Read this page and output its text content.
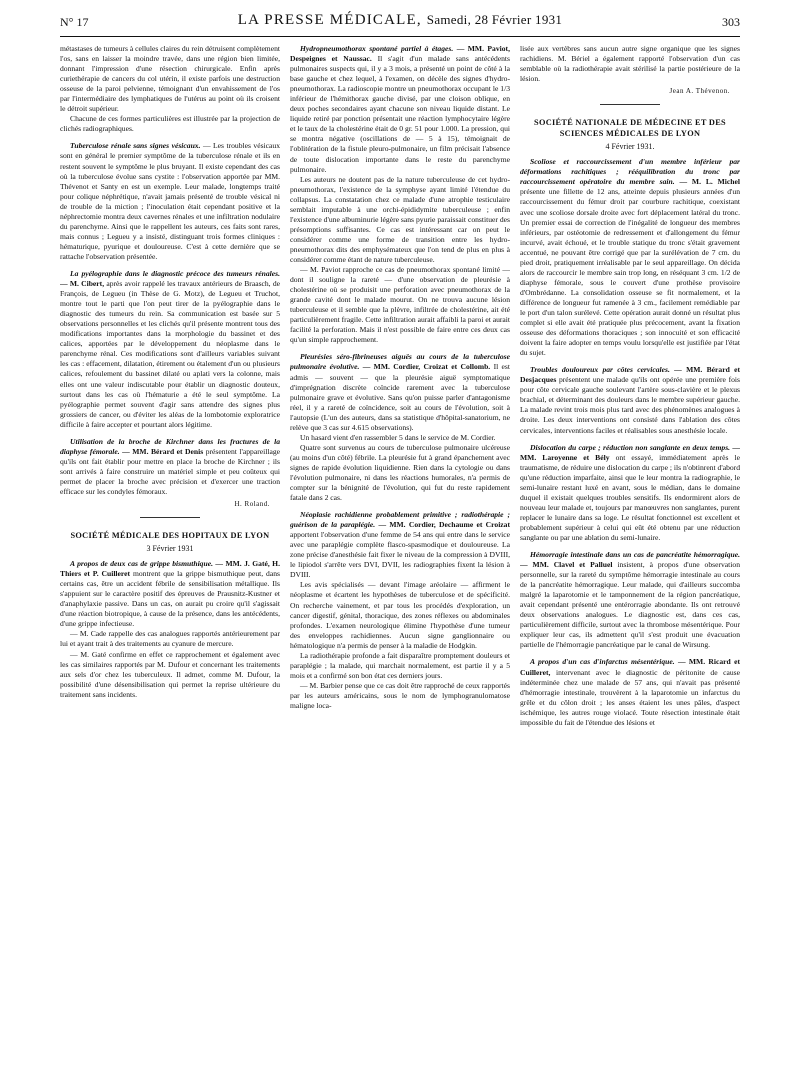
N° 17	LA PRESSE MÉDICALE, Samedi, 28 Février 1931	303

métastases de tumeurs à cellules claires du rein détruisent complètement l'os, sans en laisser la moindre travée, dans une région bien limitée, donnant l'impression d'une résection chirurgicale. Enfin après curiethérapie de cancers du col utérin, il existe parfois une destruction osseuse de la paroi pelvienne, témoignant d'un envahissement de l'os par l'intermédiaire des lymphatiques de l'utérus au point où ils croisent le détroit supérieur.

Chacune de ces formes particulières est illustrée par la projection de clichés radiographiques.

Tuberculose rénale sans signes vésicaux. — Les troubles vésicaux sont en général le premier symptôme de la tuberculose rénale et ils en restent souvent le symptôme le plus bruyant. Il existe cependant des cas où la tuberculose évolue sans cystite : l'observation apportée par MM. Thévenot et Santy en est un exemple. Leur malade, longtemps traité pour colique néphrétique, n'avait jamais présenté de trouble vésical ni de trouble de la miction ; l'inoculation était cependant positive et la néphrectomie montra deux cavernes rénales et une infiltration nodulaire du parenchyme. Ainsi que le rappellent les auteurs, ces faits sont rares, mais connus ; Legueu y a insisté, distinguant trois formes cliniques : hématurique, pyurique et douloureuse. C'est à cette dernière que se rattache l'observation présentée.

La pyélographie dans le diagnostic précoce des tumeurs rénales. — M. Cibert, après avoir rappelé les travaux antérieurs de Braasch, de François, de Legueu (in Thèse de G. Motz), de Legueu et Truchot, montre tout le parti que l'on peut tirer de la pyélographie dans le diagnostic des tumeurs du rein. Sa communication est basée sur 5 observations personnelles et les clichés qu'il présente montrent tous des modifications importantes dans la morphologie du bassinet et des calices, apportées par le développement du néoplasme dans le parenchyme rénal. Ces modifications sont d'ailleurs variables suivant les cas : effacement, dilatation, étirement ou étalement d'un ou plusieurs calices, refoulement du bassinet dilaté ou aplati vers la colonne, mais elles ont une valeur indiscutable pour établir un diagnostic douteux, surtout dans les cas où l'hématurie a été le seul symptôme. La pyélographie permet souvent d'agir sans attendre des signes plus grossiers de cancer, ou d'éviter les aléas de la lombotomie exploratrice difficile à faire accepter et pourtant alors légitime.

Utilisation de la broche de Kirchner dans les fractures de la diaphyse fémorale. — MM. Bérard et Denis présentent l'appareillage qu'ils ont fait établir pour mettre en place la broche de Kirchner ; ils sont arrivés à faire construire un matériel simple et peu coûteux qui permet de placer la broche avec précision et d'exercer une traction efficace sur les condyles fémoraux.

H. Roland.
SOCIÉTÉ MÉDICALE DES HOPITAUX DE LYON
3 Février 1931

A propos de deux cas de grippe bismuthique. — MM. J. Gaté, H. Thiers et P. Cuilleret montrent que la grippe bismuthique peut, dans certains cas, être un accident fébrile de sensibilisation métallique. Ils s'appuient sur le caractère positif des épreuves de Prausnitz-Kustner et d'anaphylaxie passive. Dans un cas, on aurait pu croire qu'il s'agissait d'une réaction biotropique, à cause de la présence, dans les antécédents, d'une grippe infectieuse.

— M. Cade rappelle des cas analogues rapportés antérieurement par lui et ayant trait à des traitements au cyanure de mercure.

— M. Gaté confirme en effet ce rapprochement et également avec les cas similaires rapportés par M. Dufour et concernant les traitements aux sels d'or chez les tuberculeux. Il admet, comme M. Dufour, la possibilité d'une désensibilisation qui permet la reprise ultérieure du traitement sans incidents.

Hydropneumothorax spontané partiel à étages. — MM. Paviot, Despeignes et Naussac. Il s'agit d'un malade sans antécédents pulmonaires suspects qui, il y a 3 mois, a présenté un point de côté à la base gauche et chez lequel, à l'examen, on décèle des signes d'hydro-pneumothorax. La radioscopie montre un pneumothorax occupant le 1/3 inférieur de l'hémithorax gauche divisé, par une cloison oblique, en deux poches secondaires ayant chacune son niveau liquide distant. Le liquide retiré par ponction présentait une réaction lymphocytaire légère et le taux de la cholestérine était de 0 gr. 51 pour 1.000. La pression, qui se montra négative (oscillations de — 5 à 15), témoignait de l'oblitération de la fistule pleuro-pulmonaire, un film précisait l'absence de toute dislocation importante dans le reste du parenchyme pulmonaire.

Les auteurs ne doutent pas de la nature tuberculeuse de cet hydro-pneumothorax, l'existence de la symphyse ayant limité l'étendue du collapsus. La constatation chez ce malade d'une atrophie testiculaire semblait imputable à une orchi-épididymite tuberculeuse ; enfin l'existence d'une albuminurie légère sans pyurie paraissait constituer des présomptions suffisantes. Ce cas est intéressant car on peut le considérer comme une forme de transition entre les hydro-pneumothorax dits des emphysémateux que l'on tend de plus en plus à considérer comme étant de nature tuberculeuse.

— M. Paviot rapproche ce cas de pneumothorax spontané limité — dont il souligne la rareté — d'une observation de pleurésie à cholestérine où se produisit une perforation avec pneumothorax de la grande cavité dont le malade mourut. On ne trouva aucune lésion tuberculeuse et il semble que la plèvre, infiltrée de cholestérine, ait été particulièrement fragile. Cette infiltration aurait affaibli la paroi et aurait facilité la perforation. Mais il n'est possible de faire entre ces deux cas qu'un simple rapprochement.

Pleurésies séro-fibrineuses aiguës au cours de la tuberculose pulmonaire évolutive. — MM. Cordier, Croizat et Collomb. Il est admis — souvent — que la pleurésie aiguë symptomatique d'imprégnation discrète coïncide rarement avec la tuberculose pulmonaire grave et évolutive. Sans qu'on puisse parler d'antagonisme réel, il y a rareté de coïncidence, soit au cours de l'évolution, soit à l'autopsie (L'un des auteurs, dans sa statistique d'hôpital-sanatorium, ne relève que 3 cas sur 4.615 observations).

Un hasard vient d'en rassembler 5 dans le service de M. Cordier.

Quatre sont survenus au cours de tuberculose pulmonaire ulcéreuse (au moins d'un côté) fébrile. La pleurésie fut à grand épanchement avec signes de rapide évolution liquidienne. Rien dans la cytologie ou dans l'évolution pulmonaire, ni dans les réactions humorales, n'a permis de compter sur la bénignité de l'évolution, qui fut du reste rapidement fatale dans 2 cas.

Néoplasie rachidienne probablement primitive ; radiothérapie ; guérison de la paraplégie. — MM. Cordier, Dechaume et Croizat apportent l'observation d'une femme de 54 ans qui entre dans le service avec une paraplégie complète flasco-spasmodique et douloureuse. La zone précise d'anesthésie fait fixer le niveau de la compression à DVIII, le lipiodol s'arrête vers DVI, DVII, les radiographies fixent la lésion à DVIII.

Les avis spécialisés — devant l'image aréolaire — affirment le néoplasme et écartent les hypothèses de tuberculose et de spécificité. On recherche vainement, et par tous les procédés d'exploration, un cancer digestif, génital, thoracique, des zones réflexes ou abdominales profondes. L'examen neurologique élimine l'hypothèse d'une tumeur des enveloppes rachidiennes. Aucun signe ganglionnaire ou hématologique n'a permis de penser à la maladie de Hodgkin.

La radiothérapie profonde a fait disparaître promptement douleurs et paraplégie ; la malade, qui marchait normalement, est partie il y a 5 mois et a confirmé son bon état ces derniers jours.

— M. Barbier pense que ce cas doit être rapproché de ceux rapportés par les auteurs américains, sous le nom de lymphogranulomatose maligne loca-

lisée aux vertèbres sans aucun autre signe organique que les signes rachidiens. M. Bériel a également rapporté l'observation d'un cas semblable où la radiothérapie avait stérilisé la partie postérieure de la lésion.

Jean A. Thévenon.
SOCIÉTÉ NATIONALE DE MÉDECINE ET DES SCIENCES MÉDICALES DE LYON
4 Février 1931.

Scoliose et raccourcissement d'un membre inférieur par déformations rachitiques ; rééquilibration du tronc par raccourcissement opératoire du membre sain. — M. L. Michel présente une fillette de 12 ans, atteinte depuis plusieurs années d'un raccourcissement du fémur droit par courbure rachitique, coexistant avec une scoliose dorsale droite avec fort déplacement latéral du tronc. Un premier essai de correction de l'inégalité de longueur des membres inférieurs, par ostéotomie de redressement et d'allongement du fémur incurvé, avait échoué, et le trouble statique du tronc s'était gravement accentué, ne pouvant être corrigé que par la surélévation de 7 cm. du pied droit, pratiquement irréalisable par le seul appareillage. On décida alors de raccourcir le membre sain trop long, en réséquant 3 cm. 1/2 de diaphyse fémorale, sous le couvert d'une prothèse provisoire d'Ombrédanne. La consolidation osseuse se fit normalement, et la différence de longueur fut ramenée à 3 cm., facilement remédiable par le port d'un talon surélevé. Cette opération aurait donné un résultat plus complet si elle avait été pratiquée plus précocement, avant la fixation osseuse des déformations thoraciques ; son innocuité et son efficacité doivent la faire adopter en temps voulu lorsqu'elle est justifiée par l'état du sujet.

Troubles douloureux par côtes cervicales. — MM. Bérard et Desjacques présentent une malade qu'ils ont opérée une première fois pour côte cervicale gauche soulevant l'artère sous-clavière et le plexus brachial, et déterminant des douleurs dans le membre supérieur gauche. La malade revint trois mois plus tard avec des phénomènes analogues à droite. Les deux interventions ont consisté dans l'ablation des côtes cervicales, interventions faciles et réalisables sous anesthésie locale.

Dislocation du carpe ; réduction non sanglante en deux temps. — MM. Laroyenne et Bély ont essayé, immédiatement après le traumatisme, de réduire une dislocation du carpe ; ils n'obtinrent d'abord qu'une réduction imparfaite, ainsi que le leur montra la radiographie, le semi-lunaire restant luxé en avant, sous le médian, dans le domaine duquel il existait quelques troubles sensitifs. Ils endormirent alors de nouveau leur malade et, toujours par manœuvres non sanglantes, purent replacer le lunaire dans sa loge. Le résultat fonctionnel est excellent et probablement supérieur à celui qui eût été obtenu par une réduction sanglante ou par une ablation du semi-lunaire.

Hémorragie intestinale dans un cas de pancréatite hémorragique. — MM. Clavel et Palluel insistent, à propos d'une observation personnelle, sur la rareté du symptôme hémorragie intestinale au cours de la pancréatite hémorragique. Leur malade, qui d'ailleurs succomba malgré la laparotomie et le tamponnement de la région pancréatique, avait cependant présenté une entérorragie abondante. Ils ont retrouvé deux observations analogues. Le diagnostic est, dans ces cas, particulièrement difficile, surtout avec la thrombose mésentérique. Pour expliquer leur cas, ils admettent qu'il s'est produit une évacuation partielle de l'hémorragie pancréatique par le canal de Wirsung.

A propos d'un cas d'infarctus mésentérique. — MM. Ricard et Cuilleret, intervenant avec le diagnostic de péritonite de cause indéterminée chez une malade de 57 ans, qui n'avait pas présenté d'hémorragie intestinale, trouvèrent à la laparotomie un infarctus du grêle et du côlon droit ; les anses étaient les unes pâles, d'aspect ischémique, les autres rouge violacé. Toute résection intestinale était impossible du fait de l'étendue des lésions et
